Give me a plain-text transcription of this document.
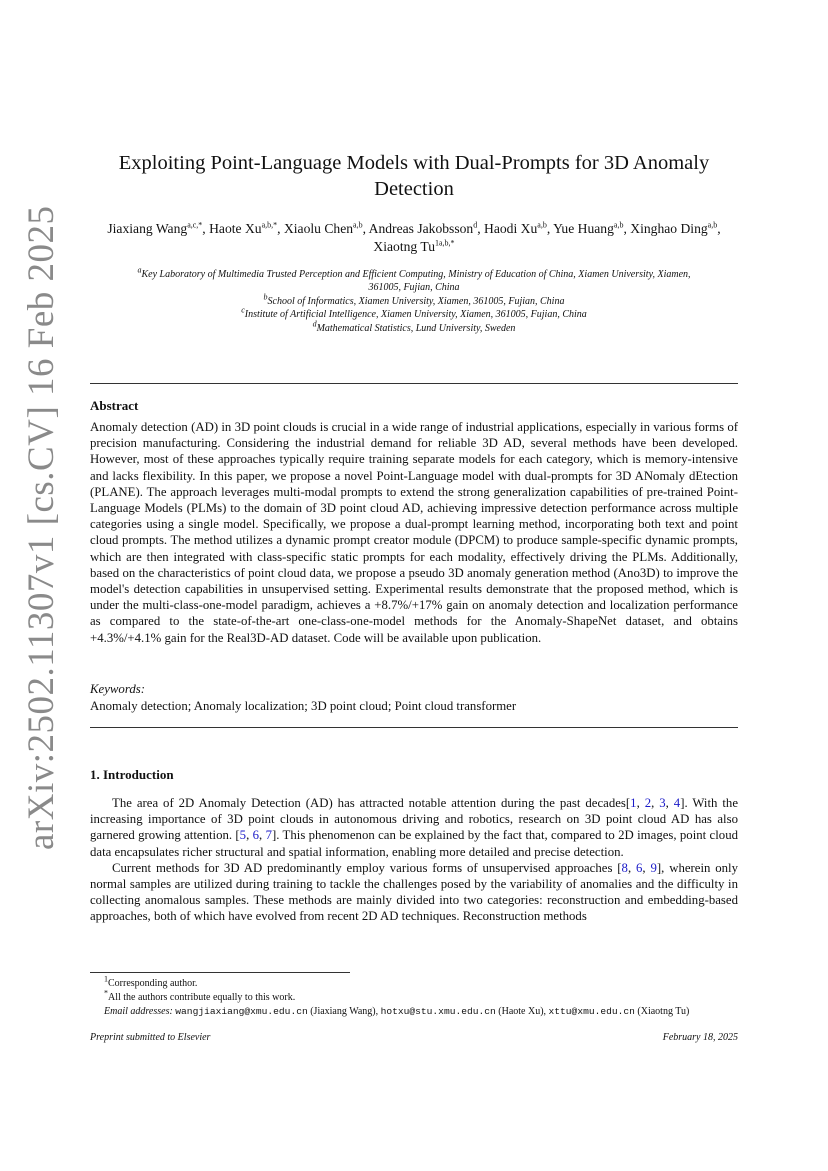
arXiv:2502.11307v1 [cs.CV] 16 Feb 2025
Exploiting Point-Language Models with Dual-Prompts for 3D Anomaly Detection
Jiaxiang Wang$^{a,c,*}$, Haote $Xu^{a,b,*}$, Xiaolu Chen$^{a,b}$, Andreas Jakobsson$^d$, Haodi Xu$^{a,b}$, Yue Huang$^{a,b}$, Xinghao Ding$^{a,b}$,
Xiaotng $Tu^{1a,b,*}$
$^a$Key Laboratory of Multimedia Trusted Perception and Efficient Computing, Ministry of Education of China, Xiamen University, Xiamen, 361005, Fujian, China
$^b$School of Informatics, Xiamen University, Xiamen, 361005, Fujian, China
$^c$Institute of Artificial Intelligence, Xiamen University, Xiamen, 361005, Fujian, China
$^d$Mathematical Statistics, Lund University, Sweden
Abstract
Anomaly detection (AD) in 3D point clouds is crucial in a wide range of industrial applications, especially in various forms of precision manufacturing. Considering the industrial demand for reliable 3D AD, several methods have been developed. However, most of these approaches typically require training separate models for each category, which is memory-intensive and lacks flexibility. In this paper, we propose a novel Point-Language model with dual-prompts for 3D ANomaly dEtection (PLANE). The approach leverages multi-modal prompts to extend the strong generalization capabilities of pre-trained Point-Language Models (PLMs) to the domain of 3D point cloud AD, achieving impressive detection performance across multiple categories using a single model. Specifically, we propose a dual-prompt learning method, incorporating both text and point cloud prompts. The method utilizes a dynamic prompt creator module (DPCM) to produce sample-specific dynamic prompts, which are then integrated with class-specific static prompts for each modality, effectively driving the PLMs. Additionally, based on the characteristics of point cloud data, we propose a pseudo 3D anomaly generation method (Ano3D) to improve the model's detection capabilities in unsupervised setting. Experimental results demonstrate that the proposed method, which is under the multi-class-one-model paradigm, achieves a +8.7%/+17% gain on anomaly detection and localization performance as compared to the state-of-the-art one-class-one-model methods for the Anomaly-ShapeNet dataset, and obtains +4.3%/+4.1% gain for the Real3D-AD dataset. Code will be available upon publication.
Keywords:
Anomaly detection; Anomaly localization; 3D point cloud; Point cloud transformer
1. Introduction

The area of 2D Anomaly Detection (AD) has attracted notable attention during the past decades[1, 2, 3, 4]. With the increasing importance of 3D point clouds in autonomous driving and robotics, research on 3D point cloud AD has also garnered growing attention. [5, 6, 7]. This phenomenon can be explained by the fact that, compared to 2D images, point cloud data encapsulates richer structural and spatial information, enabling more detailed and precise detection.

Current methods for 3D AD predominantly employ various forms of unsupervised approaches [8, 6, 9], wherein only normal samples are utilized during training to tackle the challenges posed by the variability of anomalies and the difficulty in collecting anomalous samples. These methods are mainly divided into two categories: reconstruction and embedding-based approaches, both of which have evolved from recent 2D AD techniques. Reconstruction methods

$^1$Corresponding author.
*All the authors contribute equally to this work.
Email addresses: wangjiaxiang@xmu.edu.cn (Jiaxiang Wang), hotxu@stu.xmu.edu.cn (Haote Xu), xttu@xmu.edu.cn (Xiaotng Tu)
Preprint submitted to Elsevier	February 18, 2025
